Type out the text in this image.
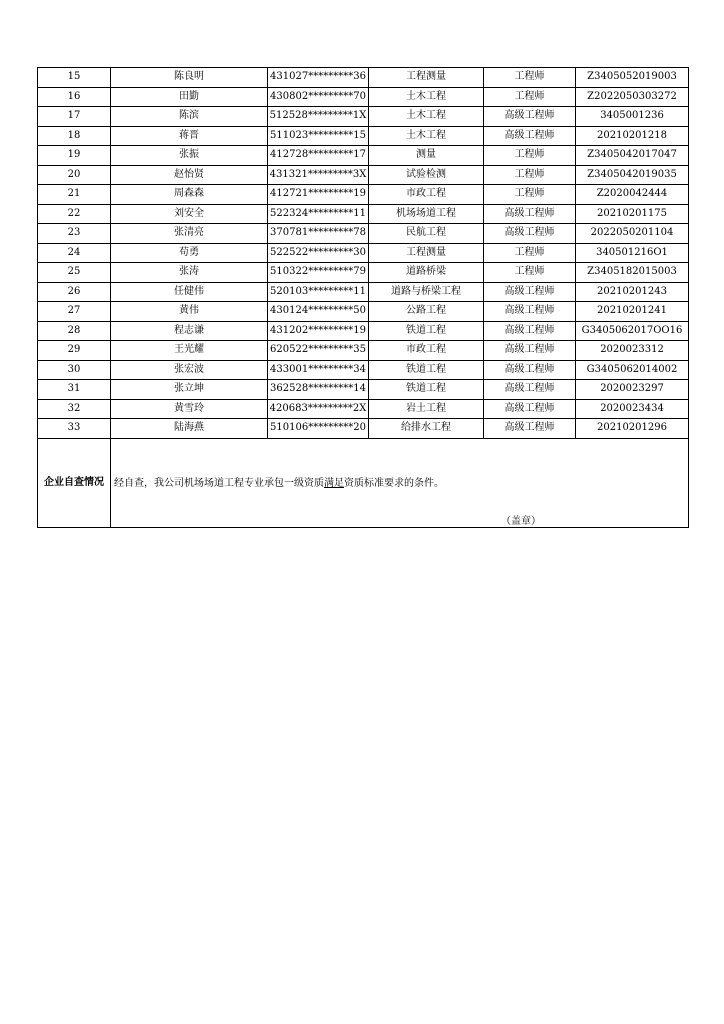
15	陈良明	431027*********36	工程测量	工程师	Z3405052019003
16	田勤	430802*********70	土木工程	工程师	Z2022050303272
17	陈滨	512528*********1X	土木工程	高级工程师	3405001236
18	蒋晋	511023*********15	土木工程	高级工程师	20210201218
19	张振	412728*********17	测量	工程师	Z3405042017047
20	赵怡贤	431321*********3X	试验检测	工程师	Z3405042019035
21	周森森	412721*********19	市政工程	工程师	Z2020042444
22	刘安全	522324*********11	机场场道工程	高级工程师	20210201175
23	张清亮	370781*********78	民航工程	高级工程师	2022050201104
24	苟勇	522522*********30	工程测量	工程师	340501216O1
25	张涛	510322*********79	道路桥梁	工程师	Z3405182015003
26	任健伟	520103*********11	道路与桥梁工程	高级工程师	20210201243
27	黄伟	430124*********50	公路工程	高级工程师	20210201241
28	程志谦	431202*********19	铁道工程	高级工程师	G3405062017OO16
29	王光耀	620522*********35	市政工程	高级工程师	2020023312
30	张宏波	433001*********34	铁道工程	高级工程师	G3405062014002
31	张立坤	362528*********14	铁道工程	高级工程师	2020023297
32	黄雪玲	420683*********2X	岩土工程	高级工程师	2020023434
33	陆海燕	510106*********20	给排水工程	高级工程师	20210201296
企业自查情况	经自查，我公司机场场道工程专业承包一级资质满足资质标准要求的条件。
（盖章）				
